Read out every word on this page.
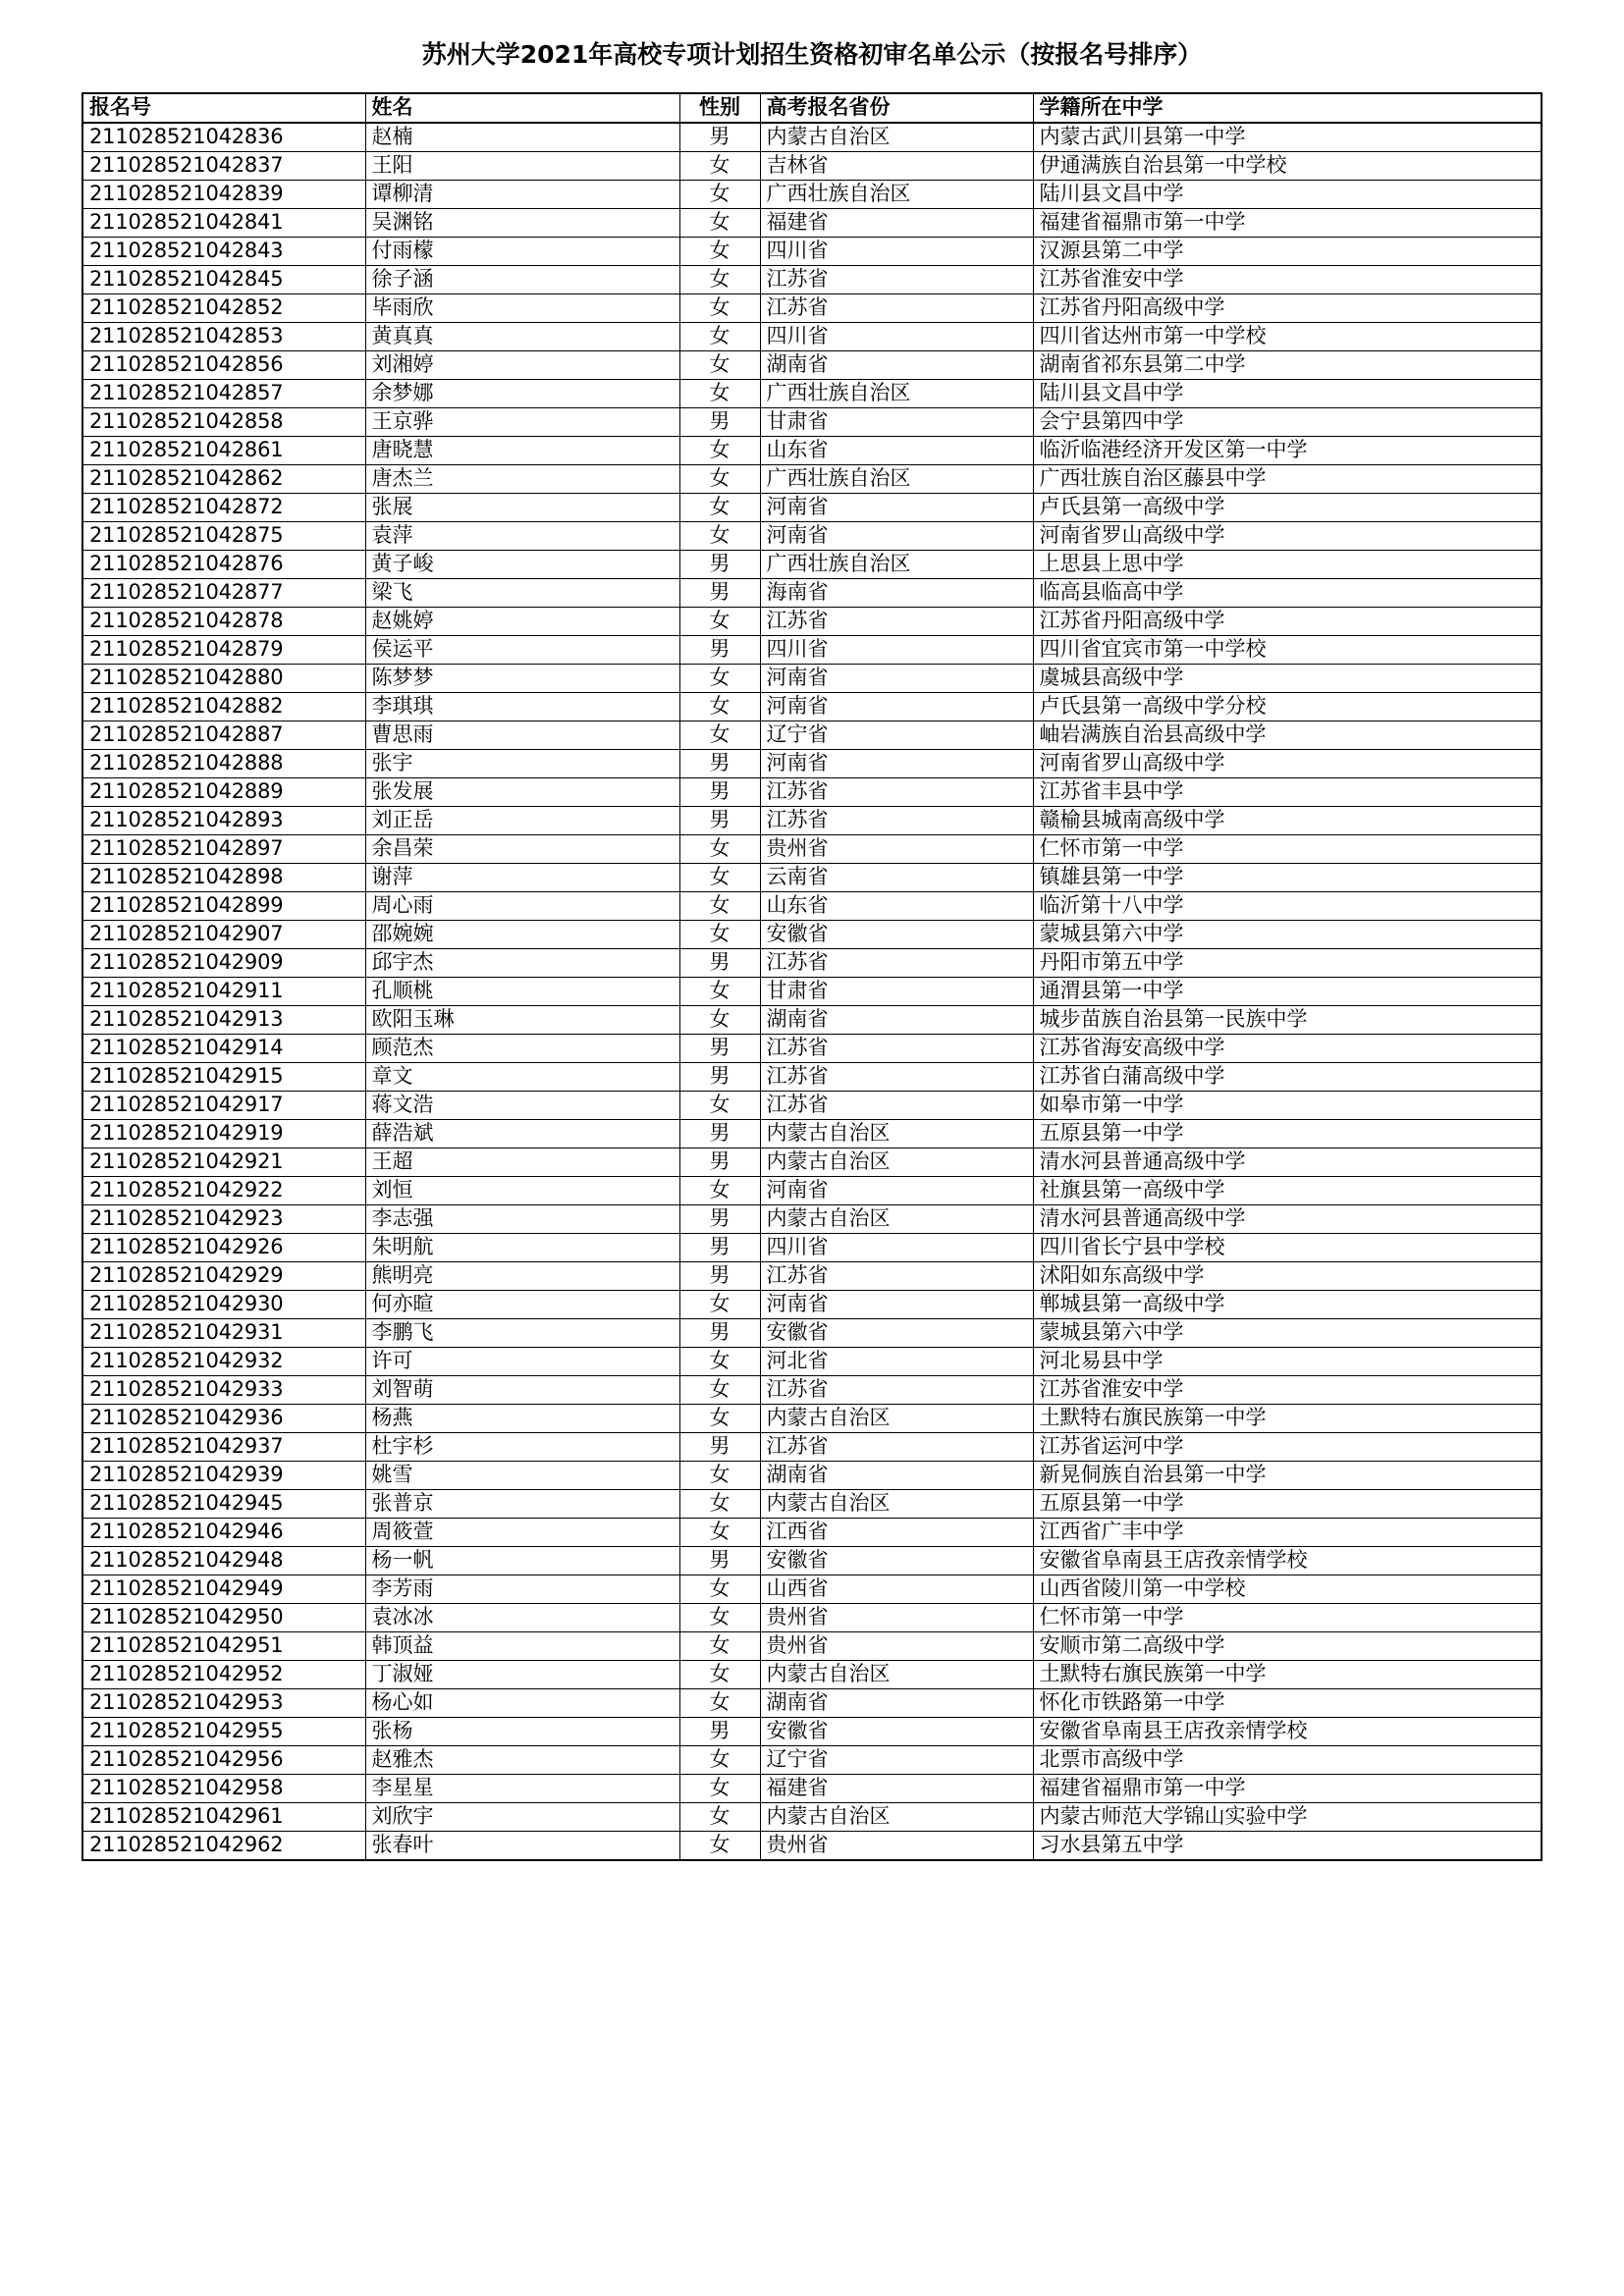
苏州大学2021年高校专项计划招生资格初审名单公示（按报名号排序）
报名号	姓名	性别	高考报名省份	学籍所在中学
211028521042836	赵楠	男	内蒙古自治区	内蒙古武川县第一中学
211028521042837	王阳	女	吉林省	伊通满族自治县第一中学校
211028521042839	谭柳清	女	广西壮族自治区	陆川县文昌中学
211028521042841	吴渊铭	女	福建省	福建省福鼎市第一中学
211028521042843	付雨檬	女	四川省	汉源县第二中学
211028521042845	徐子涵	女	江苏省	江苏省淮安中学
211028521042852	毕雨欣	女	江苏省	江苏省丹阳高级中学
211028521042853	黄真真	女	四川省	四川省达州市第一中学校
211028521042856	刘湘婷	女	湖南省	湖南省祁东县第二中学
211028521042857	余梦娜	女	广西壮族自治区	陆川县文昌中学
211028521042858	王京骅	男	甘肃省	会宁县第四中学
211028521042861	唐晓慧	女	山东省	临沂临港经济开发区第一中学
211028521042862	唐杰兰	女	广西壮族自治区	广西壮族自治区藤县中学
211028521042872	张展	女	河南省	卢氏县第一高级中学
211028521042875	袁萍	女	河南省	河南省罗山高级中学
211028521042876	黄子峻	男	广西壮族自治区	上思县上思中学
211028521042877	梁飞	男	海南省	临高县临高中学
211028521042878	赵姚婷	女	江苏省	江苏省丹阳高级中学
211028521042879	侯运平	男	四川省	四川省宜宾市第一中学校
211028521042880	陈梦梦	女	河南省	虞城县高级中学
211028521042882	李琪琪	女	河南省	卢氏县第一高级中学分校
211028521042887	曹思雨	女	辽宁省	岫岩满族自治县高级中学
211028521042888	张宇	男	河南省	河南省罗山高级中学
211028521042889	张发展	男	江苏省	江苏省丰县中学
211028521042893	刘正岳	男	江苏省	赣榆县城南高级中学
211028521042897	余昌荣	女	贵州省	仁怀市第一中学
211028521042898	谢萍	女	云南省	镇雄县第一中学
211028521042899	周心雨	女	山东省	临沂第十八中学
211028521042907	邵婉婉	女	安徽省	蒙城县第六中学
211028521042909	邱宇杰	男	江苏省	丹阳市第五中学
211028521042911	孔顺桃	女	甘肃省	通渭县第一中学
211028521042913	欧阳玉琳	女	湖南省	城步苗族自治县第一民族中学
211028521042914	顾范杰	男	江苏省	江苏省海安高级中学
211028521042915	章文	男	江苏省	江苏省白蒲高级中学
211028521042917	蒋文浩	女	江苏省	如皋市第一中学
211028521042919	薛浩斌	男	内蒙古自治区	五原县第一中学
211028521042921	王超	男	内蒙古自治区	清水河县普通高级中学
211028521042922	刘恒	女	河南省	社旗县第一高级中学
211028521042923	李志强	男	内蒙古自治区	清水河县普通高级中学
211028521042926	朱明航	男	四川省	四川省长宁县中学校
211028521042929	熊明亮	男	江苏省	沭阳如东高级中学
211028521042930	何亦暄	女	河南省	郸城县第一高级中学
211028521042931	李鹏飞	男	安徽省	蒙城县第六中学
211028521042932	许可	女	河北省	河北易县中学
211028521042933	刘智萌	女	江苏省	江苏省淮安中学
211028521042936	杨燕	女	内蒙古自治区	土默特右旗民族第一中学
211028521042937	杜宇杉	男	江苏省	江苏省运河中学
211028521042939	姚雪	女	湖南省	新晃侗族自治县第一中学
211028521042945	张普京	女	内蒙古自治区	五原县第一中学
211028521042946	周筱萱	女	江西省	江西省广丰中学
211028521042948	杨一帆	男	安徽省	安徽省阜南县王店孜亲情学校
211028521042949	李芳雨	女	山西省	山西省陵川第一中学校
211028521042950	袁冰冰	女	贵州省	仁怀市第一中学
211028521042951	韩顶益	女	贵州省	安顺市第二高级中学
211028521042952	丁淑娅	女	内蒙古自治区	土默特右旗民族第一中学
211028521042953	杨心如	女	湖南省	怀化市铁路第一中学
211028521042955	张杨	男	安徽省	安徽省阜南县王店孜亲情学校
211028521042956	赵雅杰	女	辽宁省	北票市高级中学
211028521042958	李星星	女	福建省	福建省福鼎市第一中学
211028521042961	刘欣宇	女	内蒙古自治区	内蒙古师范大学锦山实验中学
211028521042962	张春叶	女	贵州省	习水县第五中学
